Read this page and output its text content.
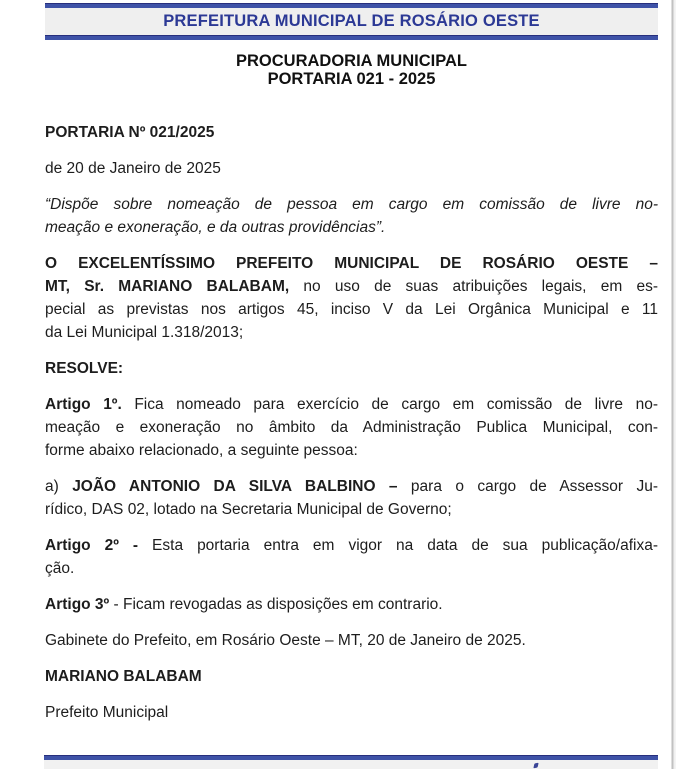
PREFEITURA MUNICIPAL DE ROSÁRIO OESTE
PROCURADORIA MUNICIPAL
PORTARIA 021 - 2025
PORTARIA Nº 021/2025
de 20 de Janeiro de 2025
“Dispõe sobre nomeação de pessoa em cargo em comissão de livre no-
meação e exoneração, e da outras providências”.
O EXCELENTÍSSIMO PREFEITO MUNICIPAL DE ROSÁRIO OESTE –
MT, Sr. MARIANO BALABAM, no uso de suas atribuições legais, em es-
pecial as previstas nos artigos 45, inciso V da Lei Orgânica Municipal e 11
da Lei Municipal 1.318/2013;
RESOLVE:
Artigo 1º. Fica nomeado para exercício de cargo em comissão de livre no-
meação e exoneração no âmbito da Administração Publica Municipal, con-
forme abaixo relacionado, a seguinte pessoa:
a) JOÃO ANTONIO DA SILVA BALBINO – para o cargo de Assessor Ju-
rídico, DAS 02, lotado na Secretaria Municipal de Governo;
Artigo 2º - Esta portaria entra em vigor na data de sua publicação/afixa-
ção.
Artigo 3º - Ficam revogadas as disposições em contrario.
Gabinete do Prefeito, em Rosário Oeste – MT, 20 de Janeiro de 2025.
MARIANO BALABAM
Prefeito Municipal
